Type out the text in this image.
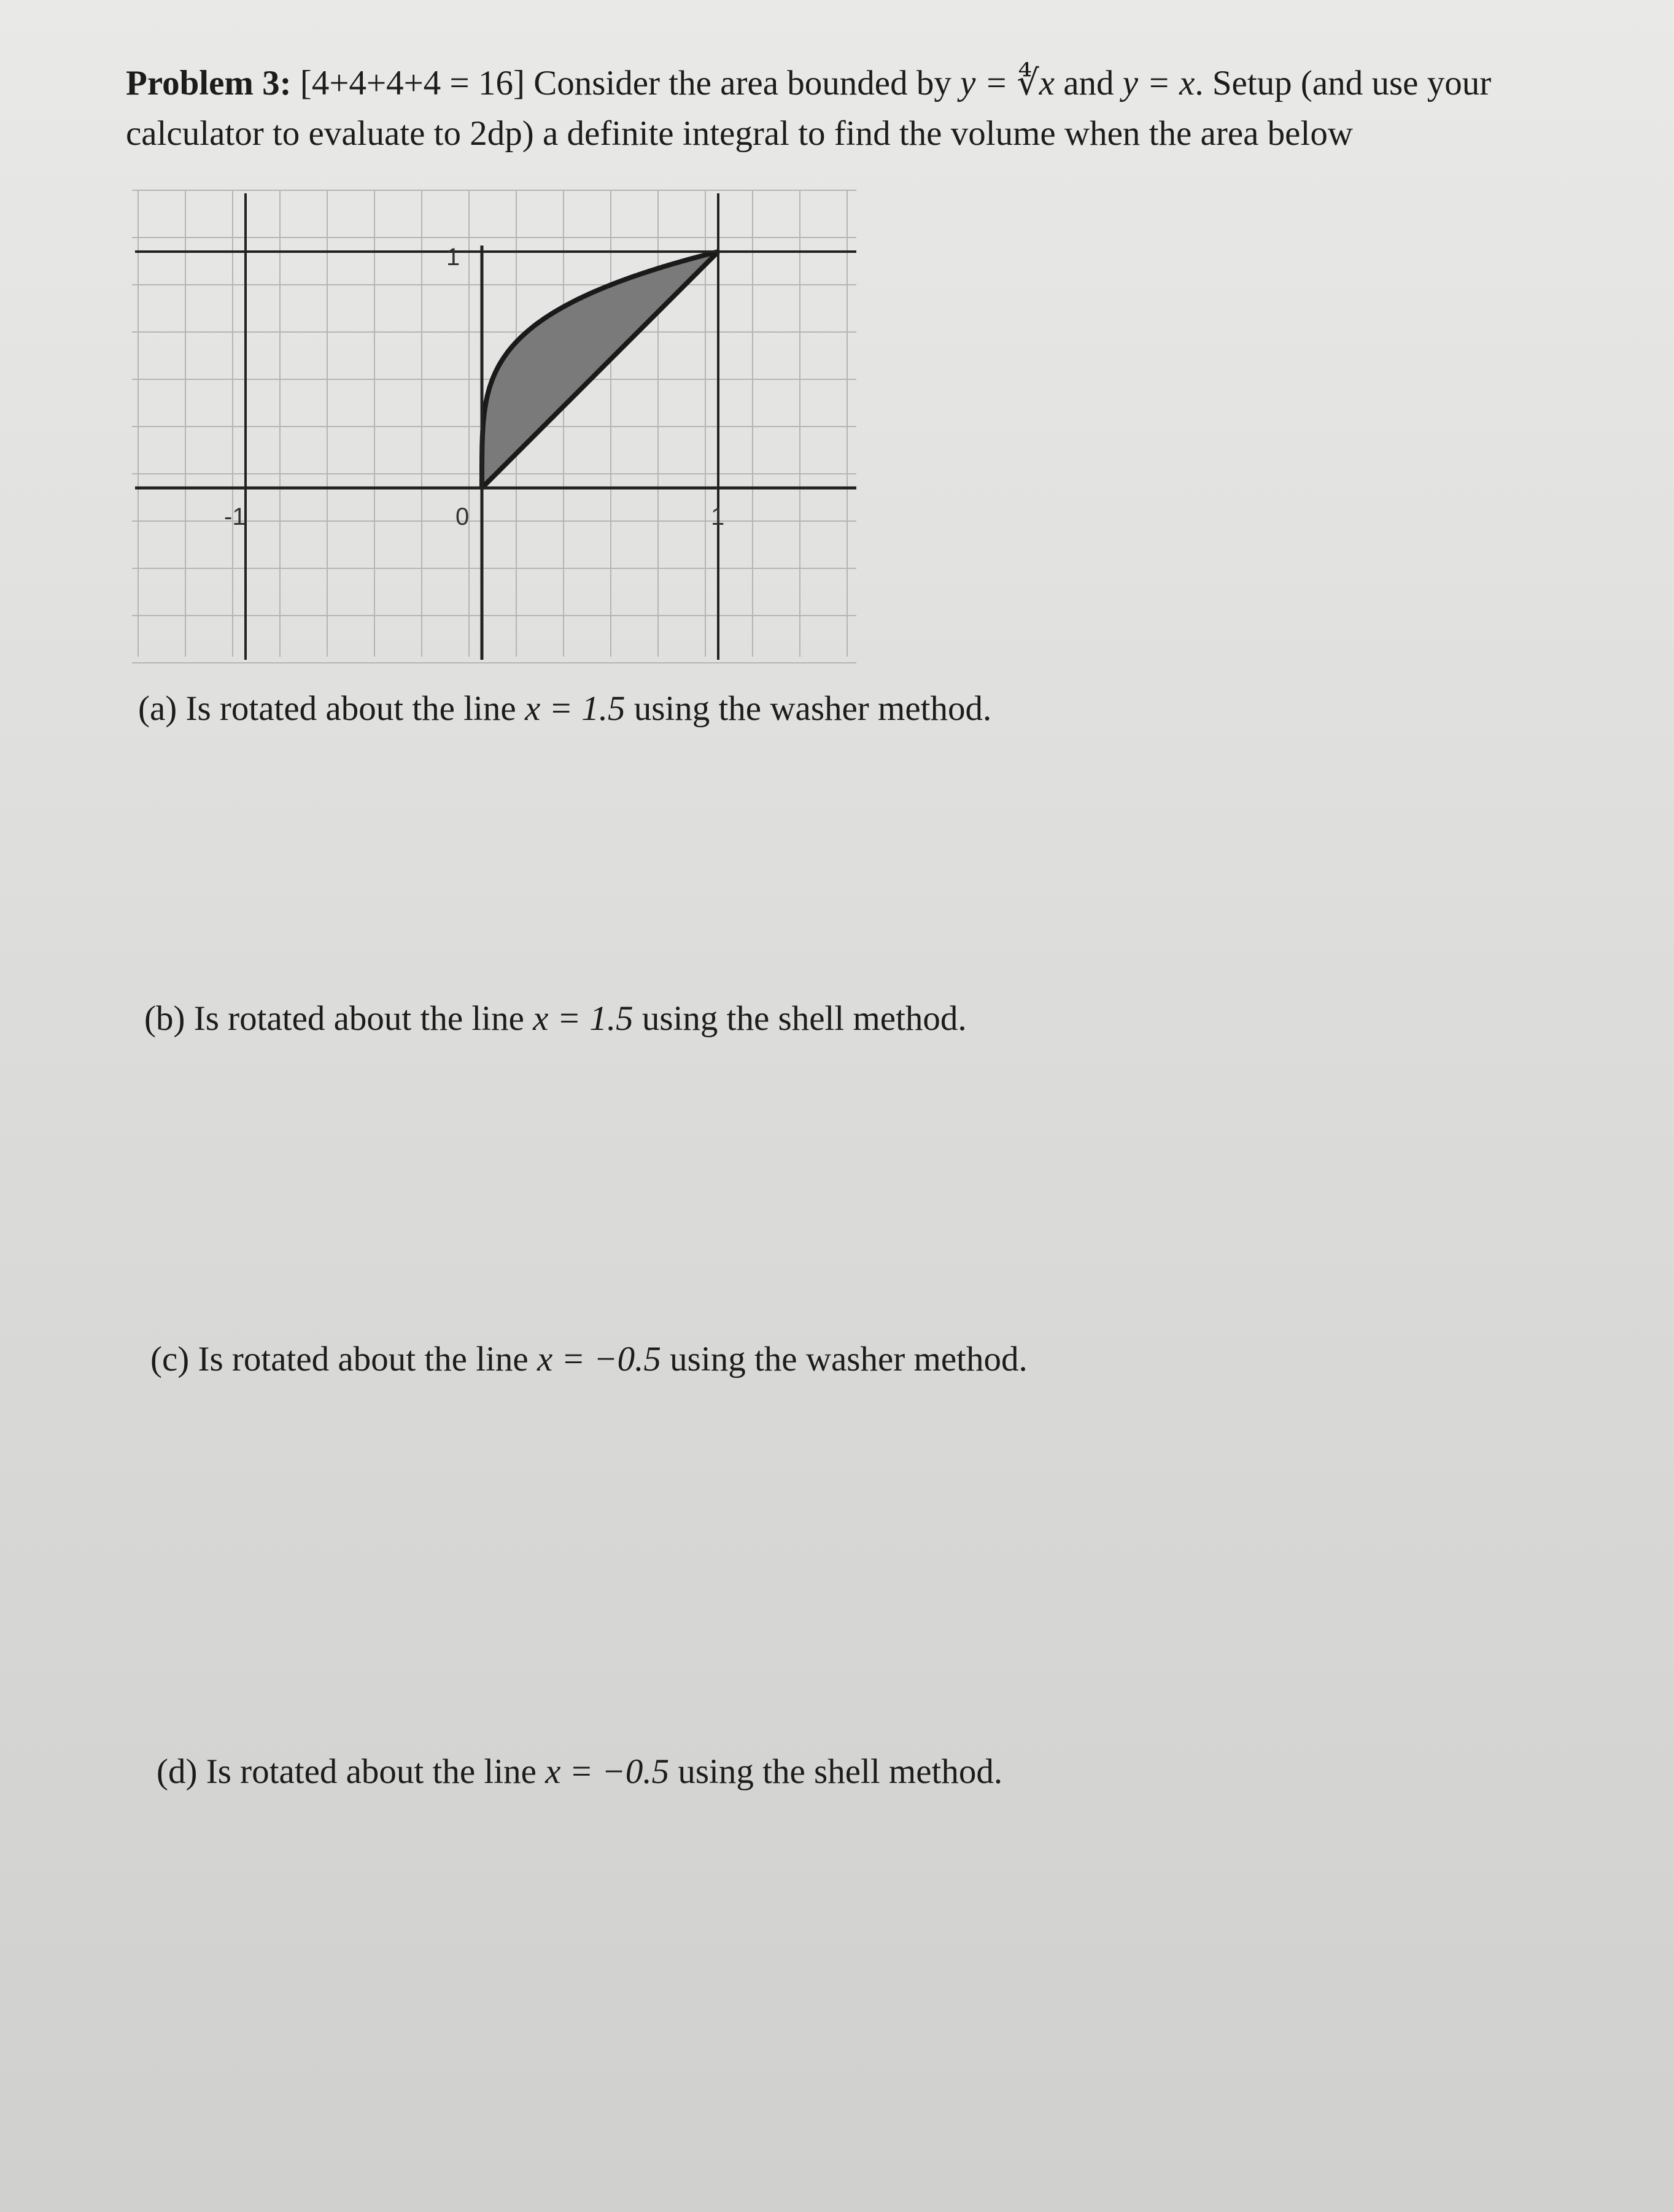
Problem 3: [4+4+4+4 = 16] Consider the area bounded by y = ∜x and y = x. Setup (and use your calculator to evaluate to 2dp) a definite integral to find the volume when the area below
1
-1	0	1
(a) Is rotated about the line x = 1.5 using the washer method.
(b) Is rotated about the line x = 1.5 using the shell method.
(c) Is rotated about the line x = −0.5 using the washer method.
(d) Is rotated about the line x = −0.5 using the shell method.
